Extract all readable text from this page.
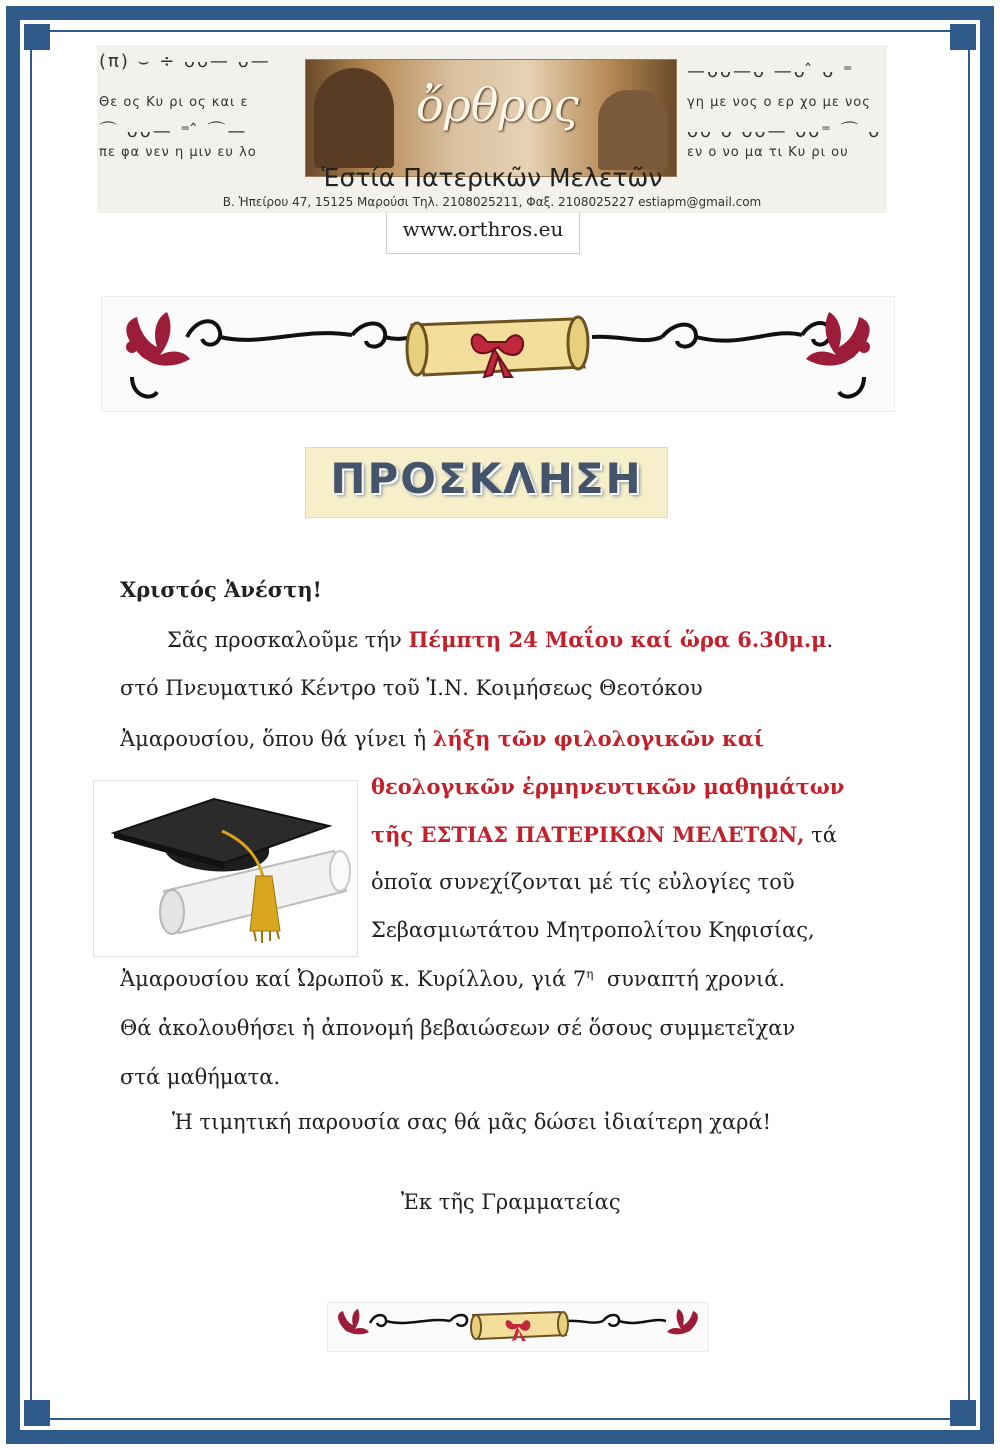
(π) ⌣ ÷ ᴗᴗ— ᴗ—
Θε ος Κυ ρι ος και ε
⌒ ᴗᴗ— ⁼ ̂ ⌒—
πε φα νεν η μιν ευ λο
—ᴗᴗ—ᴗ —ᴗ ̂ ᴗ ⁼
γη με νος ο ερ χο με νος
ᴗᴗ ᴗ ᴗᴗ— ᴗᴗ⁼ ⌒ ᴗ
εν ο νο μα τι Κυ ρι ου
ὄρθρος
Ἑστία Πατερικῶν Μελετῶν
Β. Ἠπείρου 47, 15125 Μαρούσι Τηλ. 2108025211, Φαξ. 2108025227 estiapm@gmail.com
www.orthros.eu
ΠΡΟΣΚΛΗΣΗ
Χριστός Ἀνέστη!
Σᾶς προσκαλοῦμε τήν Πέμπτη 24 Μαΐου καί ὥρα 6.30μ.μ.
στό Πνευματικό Κέντρο τοῦ Ἱ.Ν. Κοιμήσεως Θεοτόκου
Ἀμαρουσίου, ὅπου θά γίνει ἡ λήξη τῶν φιλολογικῶν καί
θεολογικῶν ἑρμηνευτικῶν μαθημάτων
τῆς ΕΣΤΙΑΣ ΠΑΤΕΡΙΚΩΝ ΜΕΛΕΤΩΝ, τά
ὁποῖα συνεχίζονται μέ τίς εὐλογίες τοῦ
Σεβασμιωτάτου Μητροπολίτου Κηφισίας,
Ἀμαρουσίου καί Ὠρωποῦ κ. Κυρίλλου, γιά $7^\eta$  συναπτή χρονιά.
Θά ἀκολουθήσει ἡ ἀπονομή βεβαιώσεων σέ ὅσους συμμετεῖχαν
στά μαθήματα.
Ἡ τιμητική παρουσία σας θά μᾶς δώσει ἰδιαίτερη χαρά!
Ἐκ τῆς Γραμματείας
